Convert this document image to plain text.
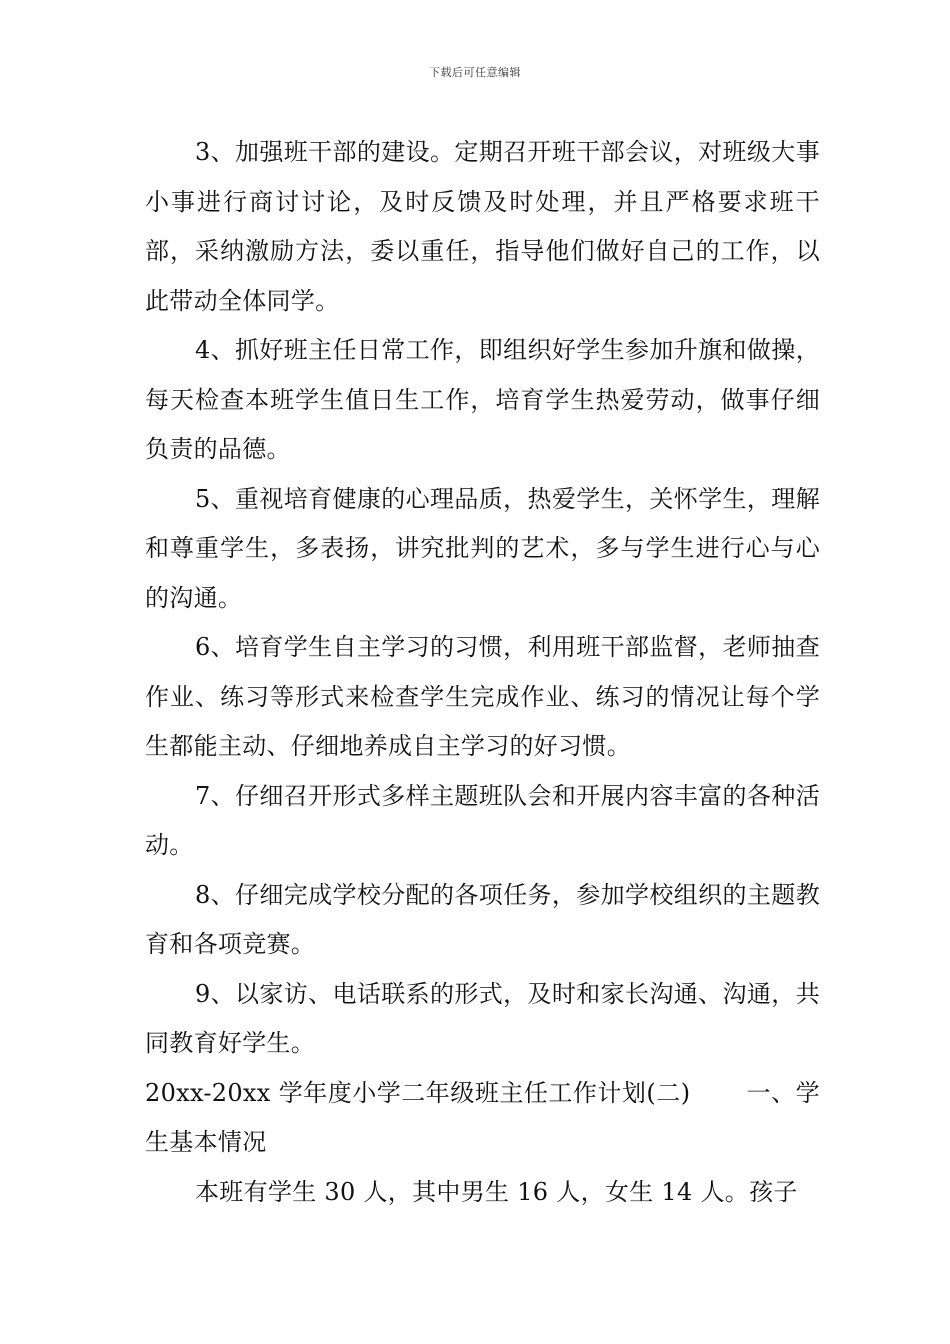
下载后可任意编辑

3、加强班干部的建设。定期召开班干部会议，对班级大事小事进行商讨讨论，及时反馈及时处理，并且严格要求班干部，采纳激励方法，委以重任，指导他们做好自己的工作，以此带动全体同学。

4、抓好班主任日常工作，即组织好学生参加升旗和做操，每天检查本班学生值日生工作，培育学生热爱劳动，做事仔细负责的品德。

5、重视培育健康的心理品质，热爱学生，关怀学生，理解和尊重学生，多表扬，讲究批判的艺术，多与学生进行心与心的沟通。

6、培育学生自主学习的习惯，利用班干部监督，老师抽查作业、练习等形式来检查学生完成作业、练习的情况让每个学生都能主动、仔细地养成自主学习的好习惯。

7、仔细召开形式多样主题班队会和开展内容丰富的各种活动。

8、仔细完成学校分配的各项任务，参加学校组织的主题教育和各项竞赛。

9、以家访、电话联系的形式，及时和家长沟通、沟通，共同教育好学生。

20xx-20xx 学年度小学二年级班主任工作计划(二) 一、学生基本情况

本班有学生 30 人，其中男生 16 人，女生 14 人。孩子
